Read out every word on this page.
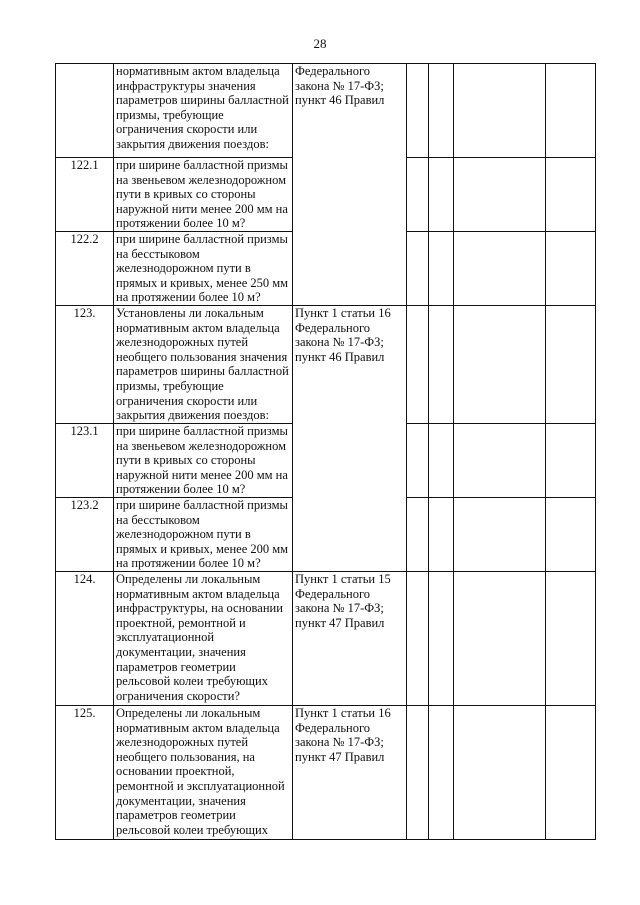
28
	нормативным актом владельца инфраструктуры значения параметров ширины балластной призмы, требующие ограничения скорости или закрытия движения поездов:	Федерального закона № 17-ФЗ; пункт 46 Правил				
122.1	при ширине балластной призмы на звеньевом железнодорожном пути в кривых со стороны наружной нити менее 200 мм на протяжении более 10 м?					
122.2	при ширине балластной призмы на бесстыковом железнодорожном пути в прямых и кривых, менее 250 мм на протяжении более 10 м?					
123.	Установлены ли локальным нормативным актом владельца железнодорожных путей необщего пользования значения параметров ширины балластной призмы, требующие ограничения скорости или закрытия движения поездов:	Пункт 1 статьи 16 Федерального закона № 17-ФЗ; пункт 46 Правил				
123.1	при ширине балластной призмы на звеньевом железнодорожном пути в кривых со стороны наружной нити менее 200 мм на протяжении более 10 м?					
123.2	при ширине балластной призмы на бесстыковом железнодорожном пути в прямых и кривых, менее 200 мм на протяжении более 10 м?					
124.	Определены ли локальным нормативным актом владельца инфраструктуры, на основании проектной, ремонтной и эксплуатационной документации, значения параметров геометрии рельсовой колеи требующих ограничения скорости?	Пункт 1 статьи 15 Федерального закона № 17-ФЗ; пункт 47 Правил				
125.	Определены ли локальным нормативным актом владельца железнодорожных путей необщего пользования, на основании проектной, ремонтной и эксплуатационной документации, значения параметров геометрии рельсовой колеи требующих	Пункт 1 статьи 16 Федерального закона № 17-ФЗ; пункт 47 Правил				
